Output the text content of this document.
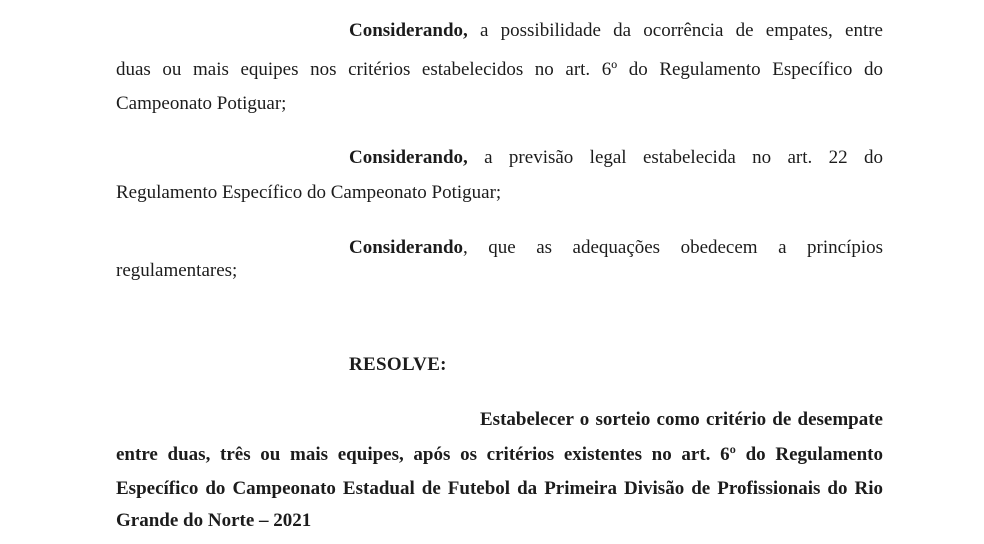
Considerando, a possibilidade da ocorrência de empates, entre
duas ou mais equipes nos critérios estabelecidos no art. 6º do Regulamento Específico do
Campeonato Potiguar;
Considerando, a previsão legal estabelecida no art. 22 do
Regulamento Específico do Campeonato Potiguar;
Considerando, que as adequações obedecem a princípios
regulamentares;
RESOLVE:
Estabelecer o sorteio como critério de desempate
entre duas, três ou mais equipes, após os critérios existentes no art. 6º do Regulamento
Específico do Campeonato Estadual de Futebol da Primeira Divisão de Profissionais do Rio
Grande do Norte – 2021
